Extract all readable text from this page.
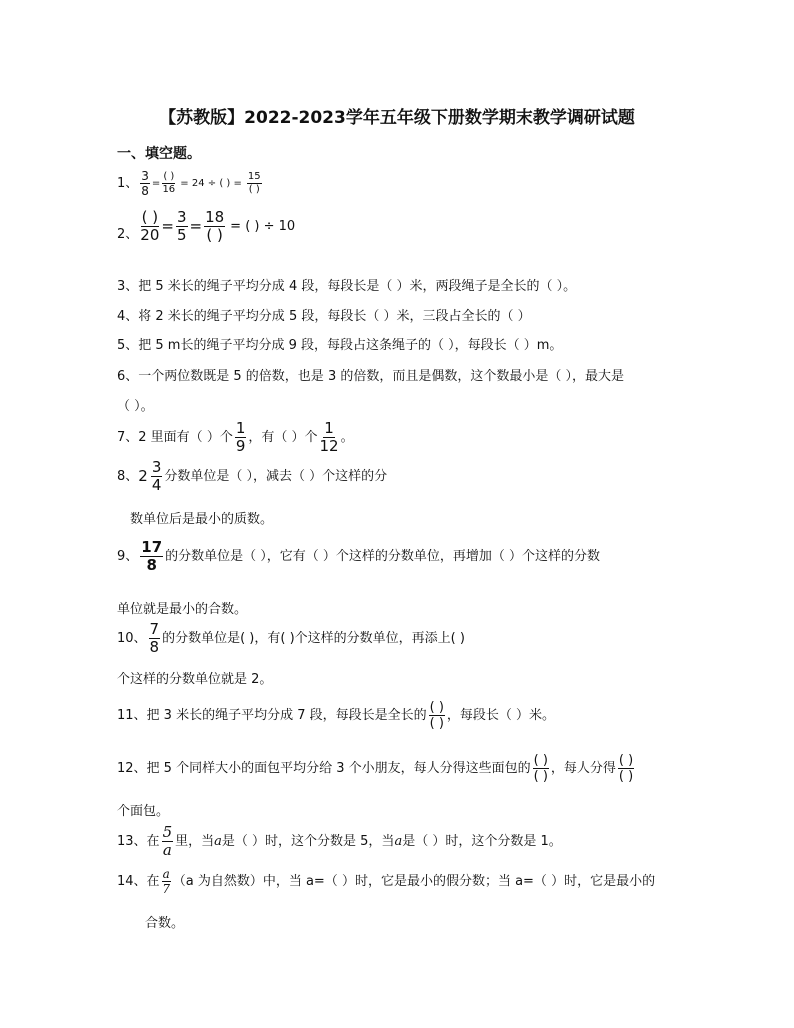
【苏教版】2022-2023学年五年级下册数学期末教学调研试题
一、填空题。
1、 $\frac{3}{8} = \frac{( )}{16} = 24$ ÷ ( ) = $\frac{15}{( )}$
2、 $\frac{( )}{20} = \frac{3}{5} = \frac{18}{( )}$ = ( ) ÷ 10
3、把 5 米长的绳子平均分成 4 段，每段长是（ ）米，两段绳子是全长的（ ）。
4、将 2 米长的绳子平均分成 5 段，每段长（ ）米，三段占全长的（ ）
5、把 5 m长的绳子平均分成 9 段，每段占这条绳子的（ ），每段长（ ）m。
6、一个两位数既是 5 的倍数，也是 3 的倍数，而且是偶数，这个数最小是（ ），最大是
（ ）。
7、 2 里面有（ ）个 $\frac{1}{9}$ ，有（ ）个 $\frac{1}{12}$ 。
8、 $2 \frac{3}{4}$ 分数单位是（ ），减去（ ）个这样的分
数单位后是最小的质数。
9、 $\frac{17}{8}$ 的分数单位是（ ），它有（ ）个这样的分数单位，再增加（ ）个这样的分数
单位就是最小的合数。
10、 $\frac{7}{8}$ 的分数单位是( )，有( )个这样的分数单位，再添上( )
个这样的分数单位就是 2。
11、把 3 米长的绳子平均分成 7 段，每段长是全长的 $\frac{( )}{( )}$ ，每段长（ ）米。
12、把 5 个同样大小的面包平均分给 3 个小朋友，每人分得这些面包的 $\frac{( )}{( )}$ ，每人分得 $\frac{( )}{( )}$
个面包。
13、 在 $\frac{5}{a}$ 里，当 a 是（ ）时，这个分数是 5，当 a 是（ ）时，这个分数是 1。
14、 在 $\frac{a}{7} (a$ 为自然数）中，当 a=（ ）时，它是最小的假分数；当 a=（ ）时，它是最小的
合数。
